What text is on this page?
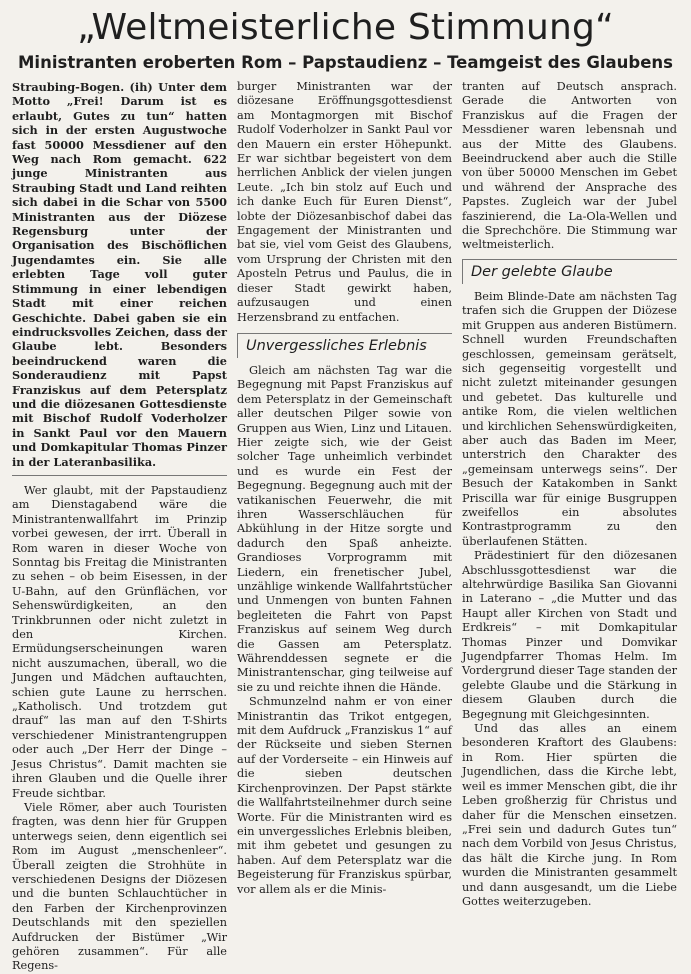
„Weltmeisterliche Stimmung“
Ministranten eroberten Rom – Papstaudienz – Teamgeist des Glaubens

Straubing-Bogen. (ih) Unter dem Motto „Frei! Darum ist es erlaubt, Gutes zu tun“ hatten sich in der ersten Augustwoche fast 50000 Messdiener auf den Weg nach Rom gemacht. 622 junge Ministranten aus Straubing Stadt und Land reihten sich dabei in die Schar von 5500 Ministranten aus der Diözese Regensburg unter der Organisation des Bischöflichen Jugendamtes ein. Sie alle erlebten Tage voll guter Stimmung in einer lebendigen Stadt mit einer reichen Geschichte. Dabei gaben sie ein eindrucksvolles Zeichen, dass der Glaube lebt. Besonders beeindruckend waren die Sonderaudienz mit Papst Franziskus auf dem Petersplatz und die diözesanen Gottesdienste mit Bischof Rudolf Voderholzer in Sankt Paul vor den Mauern und Domkapitular Thomas Pinzer in der Lateranbasilika.

Wer glaubt, mit der Papstaudienz am Dienstagabend wäre die Ministrantenwallfahrt im Prinzip vorbei gewesen, der irrt. Überall in Rom waren in dieser Woche von Sonntag bis Freitag die Ministranten zu sehen – ob beim Eisessen, in der U-Bahn, auf den Grünflächen, vor Sehenswürdigkeiten, an den Trinkbrunnen oder nicht zuletzt in den Kirchen. Ermüdungserscheinungen waren nicht auszumachen, überall, wo die Jungen und Mädchen auftauchten, schien gute Laune zu herrschen. „Katholisch. Und trotzdem gut drauf“ las man auf den T-Shirts verschiedener Ministrantengruppen oder auch „Der Herr der Dinge – Jesus Christus“. Damit machten sie ihren Glauben und die Quelle ihrer Freude sichtbar.

Viele Römer, aber auch Touristen fragten, was denn hier für Gruppen unterwegs seien, denn eigentlich sei Rom im August „menschenleer“. Überall zeigten die Strohhüte in verschiedenen Designs der Diözesen und die bunten Schlauchtücher in den Farben der Kirchenprovinzen Deutschlands mit den speziellen Aufdrucken der Bistümer „Wir gehören zusammen“. Für alle Regens-

burger Ministranten war der diözesane Eröffnungsgottesdienst am Montagmorgen mit Bischof Rudolf Voderholzer in Sankt Paul vor den Mauern ein erster Höhepunkt. Er war sichtbar begeistert von dem herrlichen Anblick der vielen jungen Leute. „Ich bin stolz auf Euch und ich danke Euch für Euren Dienst“, lobte der Diözesanbischof dabei das Engagement der Ministranten und bat sie, viel vom Geist des Glaubens, vom Ursprung der Christen mit den Aposteln Petrus und Paulus, die in dieser Stadt gewirkt haben, aufzusaugen und einen Herzensbrand zu entfachen.

Unvergessliches Erlebnis

Gleich am nächsten Tag war die Begegnung mit Papst Franziskus auf dem Petersplatz in der Gemeinschaft aller deutschen Pilger sowie von Gruppen aus Wien, Linz und Litauen. Hier zeigte sich, wie der Geist solcher Tage unheimlich verbindet und es wurde ein Fest der Begegnung. Begegnung auch mit der vatikanischen Feuerwehr, die mit ihren Wasserschläuchen für Abkühlung in der Hitze sorgte und dadurch den Spaß anheizte. Grandioses Vorprogramm mit Liedern, ein frenetischer Jubel, unzählige winkende Wallfahrtstücher und Unmengen von bunten Fahnen begleiteten die Fahrt von Papst Franziskus auf seinem Weg durch die Gassen am Petersplatz. Währenddessen segnete er die Ministrantenschar, ging teilweise auf sie zu und reichte ihnen die Hände.

Schmunzelnd nahm er von einer Ministrantin das Trikot entgegen, mit dem Aufdruck „Franziskus 1“ auf der Rückseite und sieben Sternen auf der Vorderseite – ein Hinweis auf die sieben deutschen Kirchenprovinzen. Der Papst stärkte die Wallfahrtsteilnehmer durch seine Worte. Für die Ministranten wird es ein unvergessliches Erlebnis bleiben, mit ihm gebetet und gesungen zu haben. Auf dem Petersplatz war die Begeisterung für Franziskus spürbar, vor allem als er die Minis-

tranten auf Deutsch ansprach. Gerade die Antworten von Franziskus auf die Fragen der Messdiener waren lebensnah und aus der Mitte des Glaubens. Beeindruckend aber auch die Stille von über 50000 Menschen im Gebet und während der Ansprache des Papstes. Zugleich war der Jubel faszinierend, die La-Ola-Wellen und die Sprechchöre. Die Stimmung war weltmeisterlich.

Der gelebte Glaube

Beim Blinde-Date am nächsten Tag trafen sich die Gruppen der Diözese mit Gruppen aus anderen Bistümern. Schnell wurden Freundschaften geschlossen, gemeinsam gerätselt, sich gegenseitig vorgestellt und nicht zuletzt miteinander gesungen und gebetet. Das kulturelle und antike Rom, die vielen weltlichen und kirchlichen Sehenswürdigkeiten, aber auch das Baden im Meer, unterstrich den Charakter des „gemeinsam unterwegs seins“. Der Besuch der Katakomben in Sankt Priscilla war für einige Busgruppen zweifellos ein absolutes Kontrastprogramm zu den überlaufenen Stätten.

Prädestiniert für den diözesanen Abschlussgottesdienst war die altehrwürdige Basilika San Giovanni in Laterano – „die Mutter und das Haupt aller Kirchen von Stadt und Erdkreis“ – mit Domkapitular Thomas Pinzer und Domvikar Jugendpfarrer Thomas Helm. Im Vordergrund dieser Tage standen der gelebte Glaube und die Stärkung in diesem Glauben durch die Begegnung mit Gleichgesinnten.

Und das alles an einem besonderen Kraftort des Glaubens: in Rom. Hier spürten die Jugendlichen, dass die Kirche lebt, weil es immer Menschen gibt, die ihr Leben großherzig für Christus und daher für die Menschen einsetzen. „Frei sein und dadurch Gutes tun“ nach dem Vorbild von Jesus Christus, das hält die Kirche jung. In Rom wurden die Ministranten gesammelt und dann ausgesandt, um die Liebe Gottes weiterzugeben.
